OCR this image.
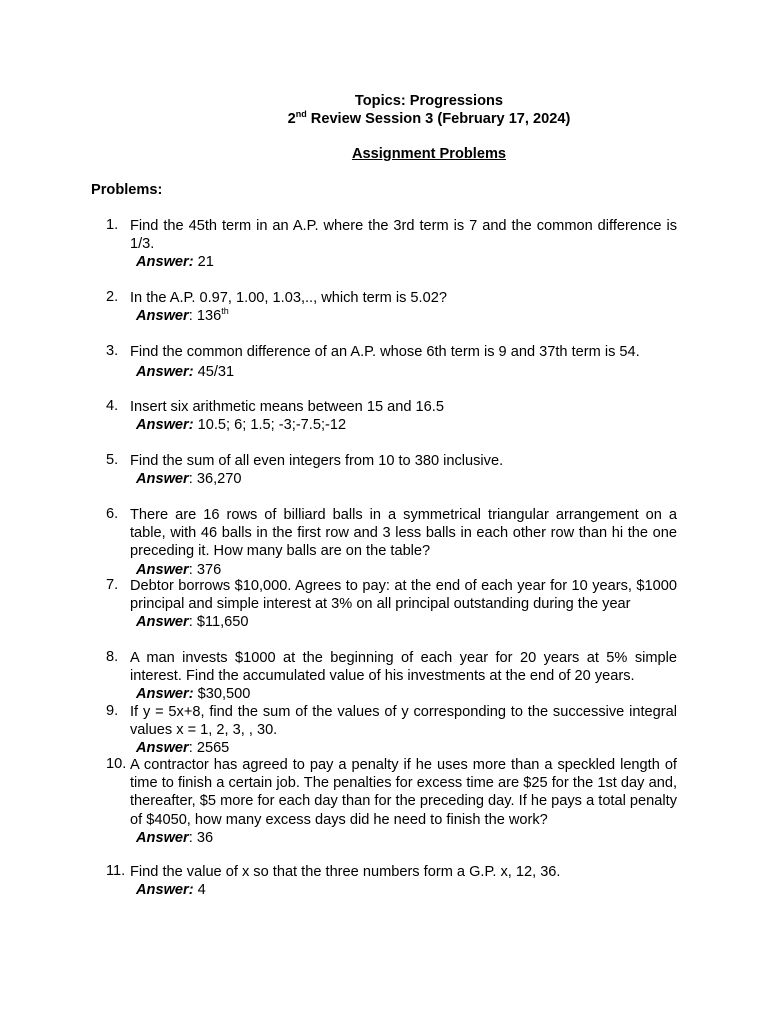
Topics: Progressions
2nd Review Session 3 (February 17, 2024)
Assignment Problems
Problems:
1. Find the 45th term in an A.P. where the 3rd term is 7 and the common difference is 1/3.
Answer: 21
2. In the A.P. 0.97, 1.00, 1.03,.., which term is 5.02?
Answer: 136th
3. Find the common difference of an A.P. whose 6th term is 9 and 37th term is 54.
Answer: 45/31
4. Insert six arithmetic means between 15 and 16.5
Answer: 10.5; 6; 1.5; -3;-7.5;-12
5. Find the sum of all even integers from 10 to 380 inclusive.
Answer: 36,270
6. There are 16 rows of billiard balls in a symmetrical triangular arrangement on a table, with 46 balls in the first row and 3 less balls in each other row than hi the one preceding it. How many balls are on the table?
Answer: 376
7. Debtor borrows $10,000. Agrees to pay: at the end of each year for 10 years, $1000 principal and simple interest at 3% on all principal outstanding during the year
Answer: $11,650
8. A man invests $1000 at the beginning of each year for 20 years at 5% simple interest. Find the accumulated value of his investments at the end of 20 years.
Answer: $30,500
9. If y = 5x+8, find the sum of the values of y corresponding to the successive integral values x = 1, 2, 3, , 30.
Answer: 2565
10. A contractor has agreed to pay a penalty if he uses more than a speckled length of time to finish a certain job. The penalties for excess time are $25 for the 1st day and, thereafter, $5 more for each day than for the preceding day. If he pays a total penalty of $4050, how many excess days did he need to finish the work?
Answer: 36
11. Find the value of x so that the three numbers form a G.P. x, 12, 36.
Answer: 4
